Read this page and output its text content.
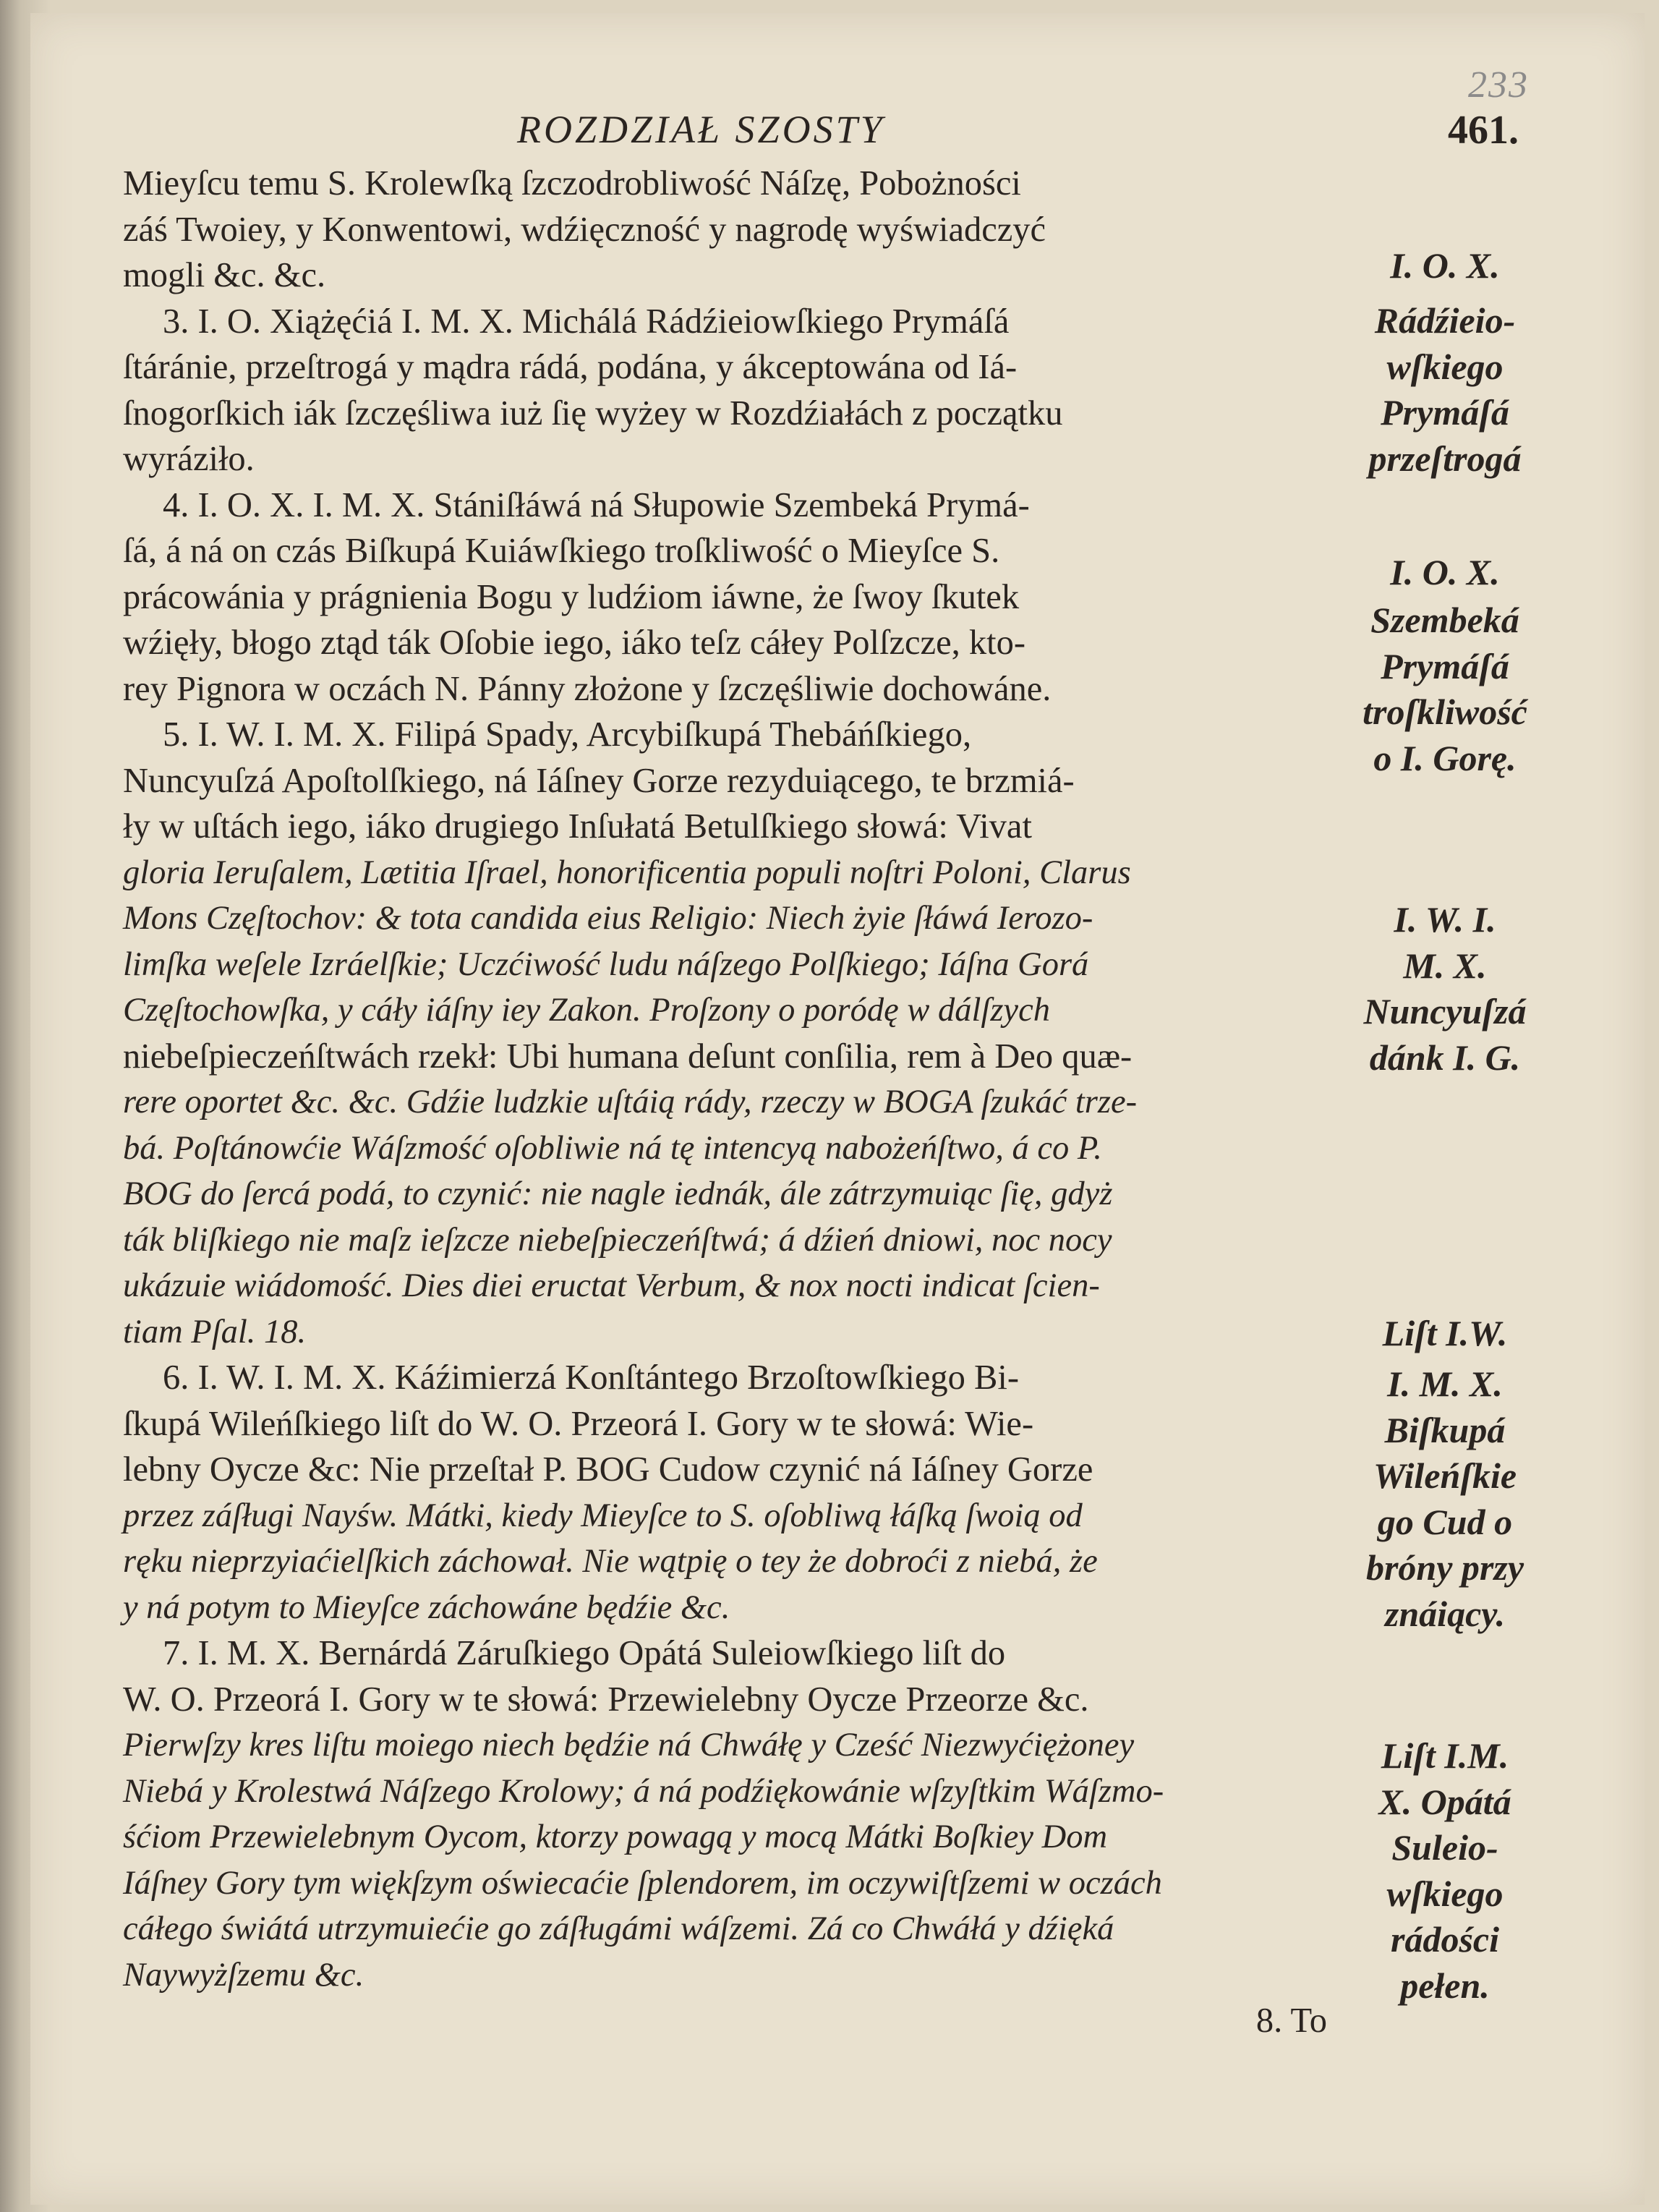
233
ROZDZIAŁ SZOSTY	461.
Mieyſcu temu S. Krolewſką ſzczodrobliwość Náſzę, Pobożności
záś Twoiey, y Konwentowi, wdźięczność y nagrodę wyświadczyć
mogli &c. &c.
3. I. O. Xiążęćiá I. M. X. Michálá Rádźieiowſkiego Prymáſá
ſtáránie, przeſtrogá y mądra rádá, podána, y ákceptowána od Iá-
ſnogorſkich iák ſzczęśliwa iuż ſię wyżey w Rozdźiałách z początku
wyráziło.
4. I. O. X. I. M. X. Stániſłáwá ná Słupowie Szembeká Prymá-
ſá, á ná on czás Biſkupá Kuiáwſkiego troſkliwość o Mieyſce S.
prácowánia y prágnienia Bogu y ludźiom iáwne, że ſwoy ſkutek
wźięły, błogo ztąd ták Oſobie iego, iáko teſz cáłey Polſzcze, kto-
rey Pignora w oczách N. Pánny złożone y ſzczęśliwie dochowáne.
5. I. W. I. M. X. Filipá Spady, Arcybiſkupá Thebáńſkiego,
Nuncyuſzá Apoſtolſkiego, ná Iáſney Gorze rezyduiącego, te brzmiá-
ły w uſtách iego, iáko drugiego Inſułatá Betulſkiego słowá: Vivat
gloria Ieruſalem, Lætitia Iſrael, honorificentia populi noſtri Poloni, Clarus
Mons Częſtochov: & tota candida eius Religio: Niech żyie ſłáwá Ierozo-
limſka weſele Izráelſkie; Uczćiwość ludu náſzego Polſkiego; Iáſna Gorá
Częſtochowſka, y cáły iáſny iey Zakon. Proſzony o poródę w dálſzych
niebeſpieczeńſtwách rzekł: Ubi humana deſunt conſilia, rem à Deo quæ-
rere oportet &c. &c. Gdźie ludzkie uſtáią rády, rzeczy w BOGA ſzukáć trze-
bá. Poſtánowćie Wáſzmość oſobliwie ná tę intencyą nabożeńſtwo, á co P.
BOG do ſercá podá, to czynić: nie nagle iednák, ále zátrzymuiąc ſię, gdyż
ták bliſkiego nie maſz ieſzcze niebeſpieczeńſtwá; á dźień dniowi, noc nocy
ukázuie wiádomość. Dies diei eructat Verbum, & nox nocti indicat ſcien-
tiam Pſal. 18.
6. I. W. I. M. X. Káźimierzá Konſtántego Brzoſtowſkiego Bi-
ſkupá Wileńſkiego liſt do W. O. Przeorá I. Gory w te słowá: Wie-
lebny Oycze &c: Nie przeſtał P. BOG Cudow czynić ná Iáſney Gorze
przez záſługi Nayśw. Mátki, kiedy Mieyſce to S. oſobliwą łáſką ſwoią od
ręku nieprzyiaćielſkich záchował. Nie wątpię o tey że dobroći z niebá, że
y ná potym to Mieyſce záchowáne będźie &c.
7. I. M. X. Bernárdá Záruſkiego Opátá Suleiowſkiego liſt do
W. O. Przeorá I. Gory w te słowá: Przewielebny Oycze Przeorze &c.
Pierwſzy kres liſtu moiego niech będźie ná Chwáłę y Cześć Niezwyćiężoney
Niebá y Krolestwá Náſzego Krolowy; á ná podźiękowánie wſzyſtkim Wáſzmo-
śćiom Przewielebnym Oycom, ktorzy powagą y mocą Mátki Boſkiey Dom
Iáſney Gory tym więkſzym oświecaćie ſplendorem, im oczywiſtſzemi w oczách
cáłego świátá utrzymuiećie go záſługámi wáſzemi. Zá co Chwáłá y dźięká
Naywyżſzemu &c.
8. To
I. O. X.
Rádźieio-
wſkiego
Prymáſá
przeſtrogá
I. O. X.
Szembeká
Prymáſá
troſkliwość
o I. Gorę.
I. W. I.
M. X.
Nuncyuſzá
dánk I. G.
Liſt I.W.
I. M. X.
Biſkupá
Wileńſkie
go Cud o
bróny przy
znáiący.
Liſt I.M.
X. Opátá
Suleio-
wſkiego
rádości
pełen.
